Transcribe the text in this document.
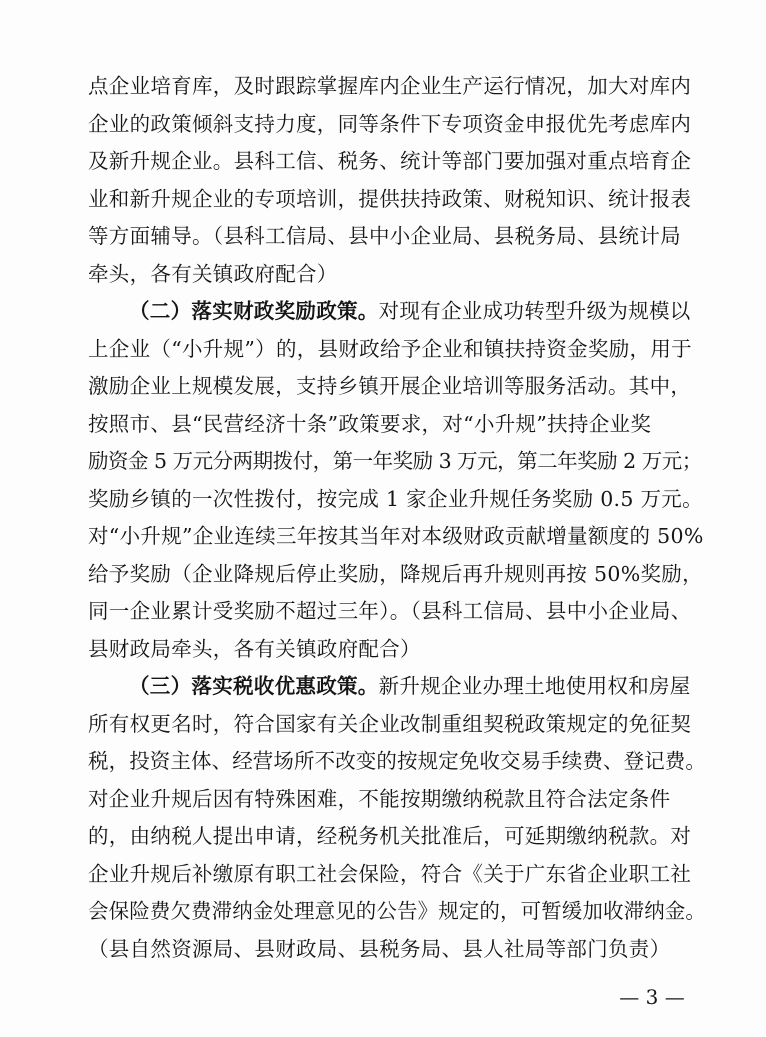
点企业培育库，及时跟踪掌握库内企业生产运行情况，加大对库内
企业的政策倾斜支持力度，同等条件下专项资金申报优先考虑库内
及新升规企业。县科工信、税务、统计等部门要加强对重点培育企
业和新升规企业的专项培训，提供扶持政策、财税知识、统计报表
等方面辅导。（县科工信局、县中小企业局、县税务局、县统计局
牵头，各有关镇政府配合）
（二）落实财政奖励政策。对现有企业成功转型升级为规模以
上企业（“小升规”）的，县财政给予企业和镇扶持资金奖励，用于
激励企业上规模发展，支持乡镇开展企业培训等服务活动。其中，
按照市、县“民营经济十条”政策要求，对“小升规”扶持企业奖
励资金 5 万元分两期拨付，第一年奖励 3 万元，第二年奖励 2 万元；
奖励乡镇的一次性拨付，按完成 1 家企业升规任务奖励 0.5 万元。
对“小升规”企业连续三年按其当年对本级财政贡献增量额度的 50%
给予奖励（企业降规后停止奖励，降规后再升规则再按 50%奖励，
同一企业累计受奖励不超过三年）。（县科工信局、县中小企业局、
县财政局牵头，各有关镇政府配合）
（三）落实税收优惠政策。新升规企业办理土地使用权和房屋
所有权更名时，符合国家有关企业改制重组契税政策规定的免征契
税，投资主体、经营场所不改变的按规定免收交易手续费、登记费。
对企业升规后因有特殊困难，不能按期缴纳税款且符合法定条件
的，由纳税人提出申请，经税务机关批准后，可延期缴纳税款。对
企业升规后补缴原有职工社会保险，符合《关于广东省企业职工社
会保险费欠费滞纳金处理意见的公告》规定的，可暂缓加收滞纳金。
（县自然资源局、县财政局、县税务局、县人社局等部门负责）
— 3 —
